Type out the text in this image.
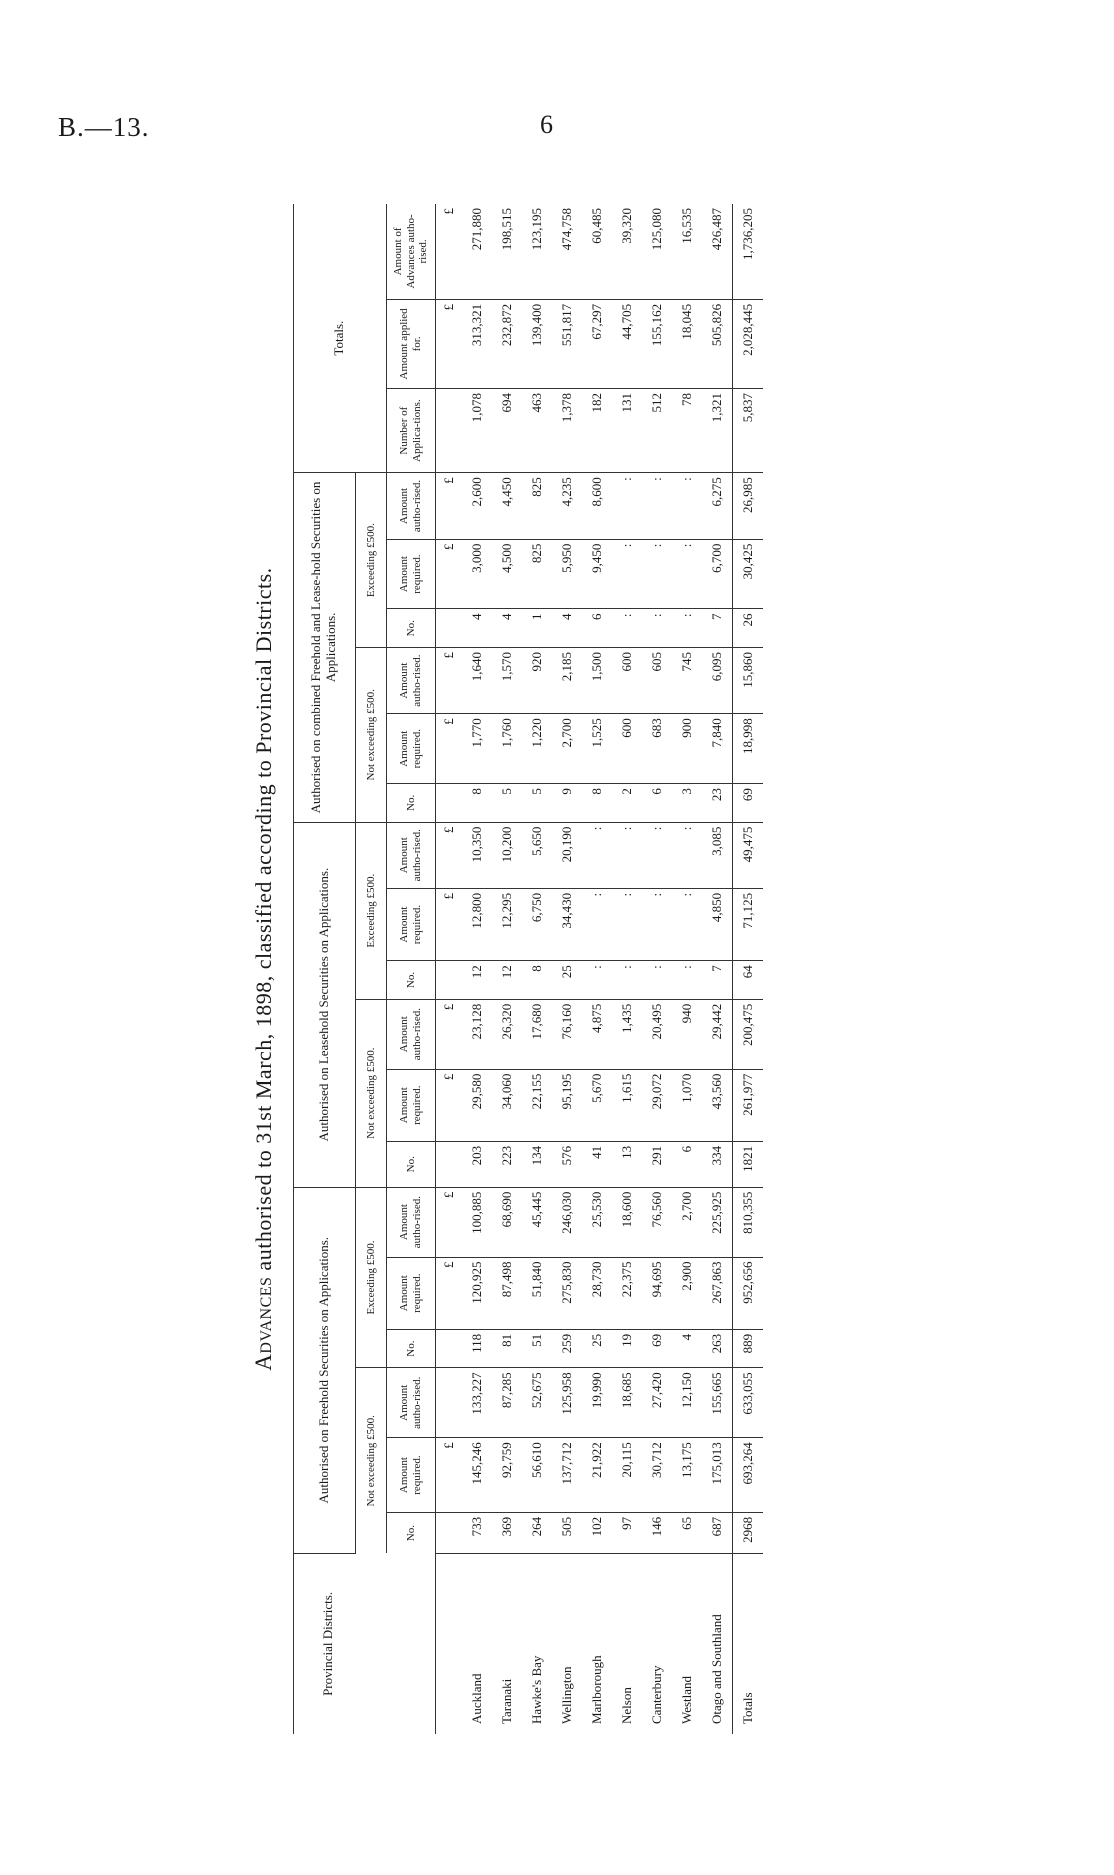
B.—13.	6
Advances authorised to 31st March, 1898, classified according to Provincial Districts.
Provincial Districts.	Authorised on Freehold Securities on Applications.						Authorised on Leasehold Securities on Applications.						Authorised on combined Freehold and Lease-hold Securities on Applications.						Totals.		
	Not exceeding £500.			Exceeding £500.			Not exceeding £500.			Exceeding £500.			Not exceeding £500.			Exceeding £500.					
	No.	Amount required.	Amount autho-rised.	No.	Amount required.	Amount autho-rised.	No.	Amount required.	Amount autho-rised.	No.	Amount required.	Amount autho-rised.	No.	Amount required.	Amount autho-rised.	No.	Amount required.	Amount autho-rised.	Number of Applica-tions.	Amount applied for.	Amount of Advances autho-rised.
		£			£	£		£	£		£	£		£	£		£	£		£	£
Auckland	733	145,246	133,227	118	120,925	100,885	203	29,580	23,128	12	12,800	10,350	8	1,770	1,640	4	3,000	2,600	1,078	313,321	271,880
Taranaki	369	92,759	87,285	81	87,498	68,690	223	34,060	26,320	12	12,295	10,200	5	1,760	1,570	4	4,500	4,450	694	232,872	198,515
Hawke's Bay	264	56,610	52,675	51	51,840	45,445	134	22,155	17,680	8	6,750	5,650	5	1,220	920	1	825	825	463	139,400	123,195
Wellington	505	137,712	125,958	259	275,830	246,030	576	95,195	76,160	25	34,430	20,190	9	2,700	2,185	4	5,950	4,235	1,378	551,817	474,758
Marlborough	102	21,922	19,990	25	28,730	25,530	41	5,670	4,875	:	:	:	8	1,525	1,500	6	9,450	8,600	182	67,297	60,485
Nelson	97	20,115	18,685	19	22,375	18,600	13	1,615	1,435	:	:	:	2	600	600	:	:	:	131	44,705	39,320
Canterbury	146	30,712	27,420	69	94,695	76,560	291	29,072	20,495	:	:	:	6	683	605	:	:	:	512	155,162	125,080
Westland	65	13,175	12,150	4	2,900	2,700	6	1,070	940	:	:	:	3	900	745	:	:	:	78	18,045	16,535
Otago and Southland	687	175,013	155,665	263	267,863	225,925	334	43,560	29,442	7	4,850	3,085	23	7,840	6,095	7	6,700	6,275	1,321	505,826	426,487
Totals	2968	693,264	633,055	889	952,656	810,355	1821	261,977	200,475	64	71,125	49,475	69	18,998	15,860	26	30,425	26,985	5,837	2,028,445	1,736,205
